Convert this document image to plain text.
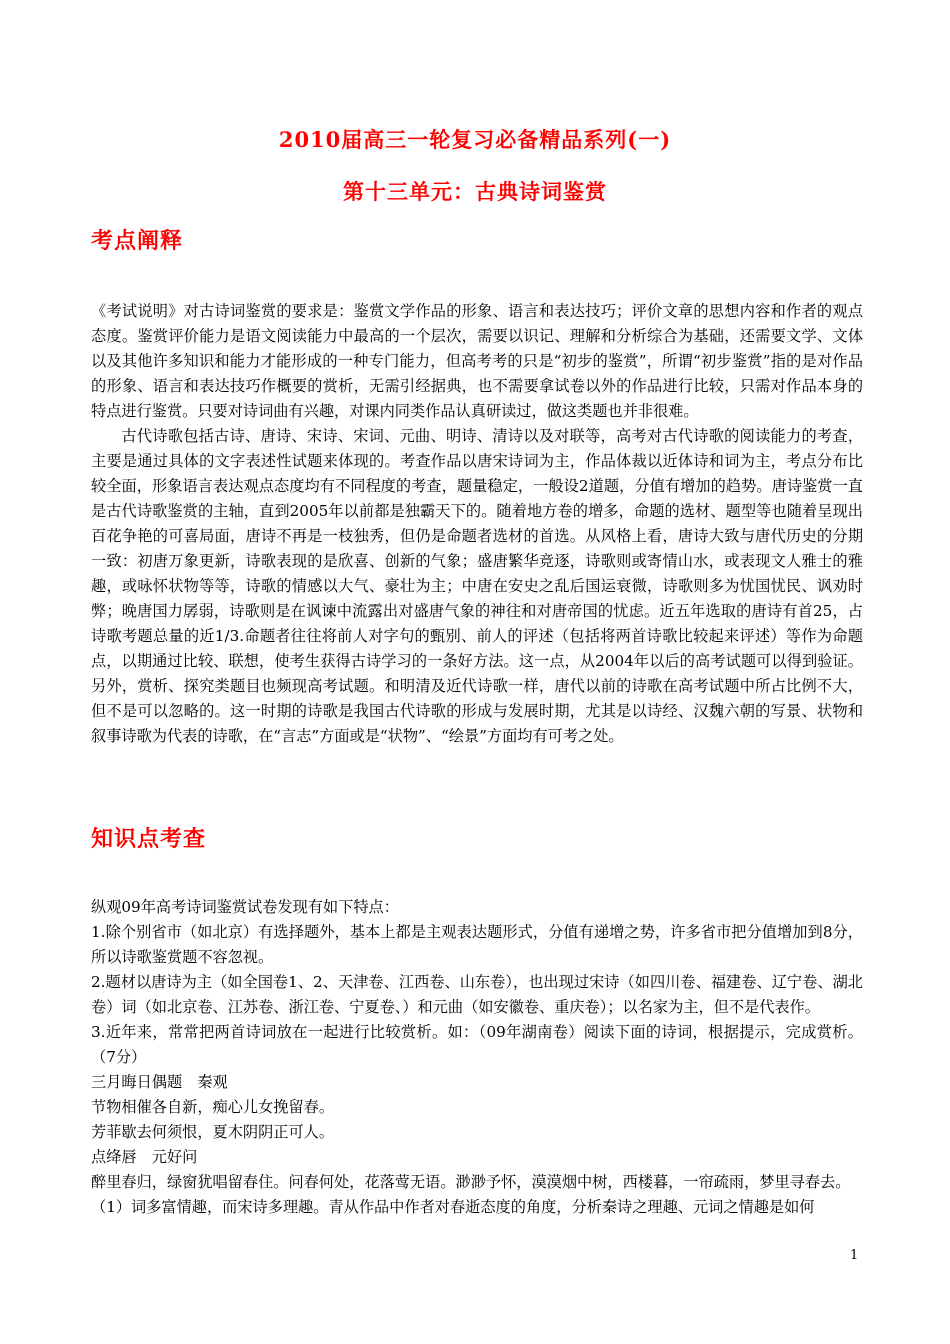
2010届高三一轮复习必备精品系列(一)
第十三单元：古典诗词鉴赏
考点阐释

《考试说明》对古诗词鉴赏的要求是：鉴赏文学作品的形象、语言和表达技巧；评价文章的思想内容和作者的观点态度。鉴赏评价能力是语文阅读能力中最高的一个层次，需要以识记、理解和分析综合为基础，还需要文学、文体以及其他许多知识和能力才能形成的一种专门能力，但高考考的只是“初步的鉴赏”，所谓“初步鉴赏”指的是对作品的形象、语言和表达技巧作概要的赏析，无需引经据典，也不需要拿试卷以外的作品进行比较，只需对作品本身的特点进行鉴赏。只要对诗词曲有兴趣，对课内同类作品认真研读过，做这类题也并非很难。

古代诗歌包括古诗、唐诗、宋诗、宋词、元曲、明诗、清诗以及对联等，高考对古代诗歌的阅读能力的考查，主要是通过具体的文字表述性试题来体现的。考查作品以唐宋诗词为主，作品体裁以近体诗和词为主，考点分布比较全面，形象语言表达观点态度均有不同程度的考查，题量稳定，一般设2道题，分值有增加的趋势。唐诗鉴赏一直是古代诗歌鉴赏的主轴，直到2005年以前都是独霸天下的。随着地方卷的增多，命题的选材、题型等也随着呈现出百花争艳的可喜局面，唐诗不再是一枝独秀，但仍是命题者选材的首选。从风格上看，唐诗大致与唐代历史的分期一致：初唐万象更新，诗歌表现的是欣喜、创新的气象；盛唐繁华竞逐，诗歌则或寄情山水，或表现文人雅士的雅趣，或咏怀状物等等，诗歌的情感以大气、豪壮为主；中唐在安史之乱后国运衰微，诗歌则多为忧国忧民、讽劝时弊；晚唐国力孱弱，诗歌则是在讽谏中流露出对盛唐气象的神往和对唐帝国的忧虑。近五年选取的唐诗有首25，占诗歌考题总量的近1/3.命题者往往将前人对字句的甄别、前人的评述（包括将两首诗歌比较起来评述）等作为命题点，以期通过比较、联想，使考生获得古诗学习的一条好方法。这一点，从2004年以后的高考试题可以得到验证。另外，赏析、探究类题目也频现高考试题。和明清及近代诗歌一样，唐代以前的诗歌在高考试题中所占比例不大，但不是可以忽略的。这一时期的诗歌是我国古代诗歌的形成与发展时期，尤其是以诗经、汉魏六朝的写景、状物和叙事诗歌为代表的诗歌，在“言志”方面或是“状物”、“绘景”方面均有可考之处。

知识点考查

纵观09年高考诗词鉴赏试卷发现有如下特点：

1.除个别省市（如北京）有选择题外，基本上都是主观表达题形式，分值有递增之势，许多省市把分值增加到8分，所以诗歌鉴赏题不容忽视。

2.题材以唐诗为主（如全国卷1、2、天津卷、江西卷、山东卷），也出现过宋诗（如四川卷、福建卷、辽宁卷、湖北卷）词（如北京卷、江苏卷、浙江卷、宁夏卷、）和元曲（如安徽卷、重庆卷）；以名家为主，但不是代表作。

3.近年来，常常把两首诗词放在一起进行比较赏析。如：（09年湖南卷）阅读下面的诗词，根据提示，完成赏析。（7分）

三月晦日偶题　秦观

节物相催各自新，痴心儿女挽留春。

芳菲歇去何须恨，夏木阴阴正可人。

点绛唇　元好问

醉里春归，绿窗犹唱留春住。问春何处，花落莺无语。渺渺予怀，漠漠烟中树，西楼暮，一帘疏雨，梦里寻春去。

（1）词多富情趣，而宋诗多理趣。青从作品中作者对春逝态度的角度，分析秦诗之理趣、元词之情趣是如何

1
